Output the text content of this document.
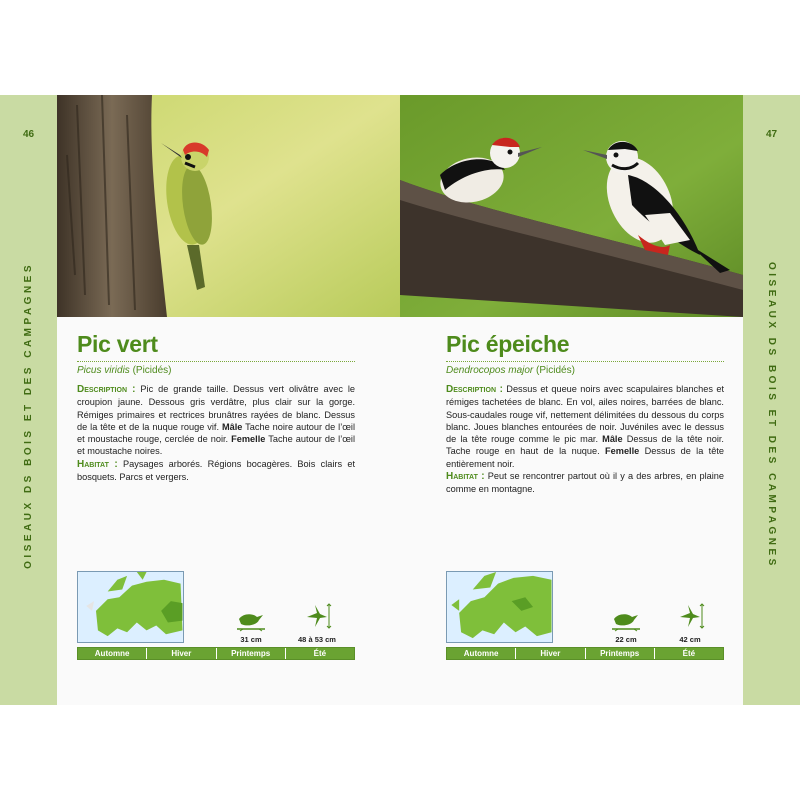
46
OISEAUX DS BOIS ET DES CAMPAGNES
47
OISEAUX DS BOIS ET DES CAMPAGNES
Pic vert
Picus viridis (Picidés)
Description : Pic de grande taille. Dessus vert olivâtre avec le croupion jaune. Dessous gris verdâtre, plus clair sur la gorge. Rémiges primaires et rectrices brunâtres rayées de blanc. Dessus de la tête et de la nuque rouge vif. Mâle Tache noire autour de l’œil et moustache rouge, cerclée de noir. Femelle Tache autour de l’œil et moustache noires.
Habitat : Paysages arborés. Régions bocagères. Bois clairs et bosquets. Parcs et vergers.
31 cm	48 à 53 cm
Automne	Hiver	Printemps	Été
Pic épeiche
Dendrocopos major (Picidés)
Description : Dessus et queue noirs avec scapulaires blanches et rémiges tachetées de blanc. En vol, ailes noires, barrées de blanc. Sous-caudales rouge vif, nettement délimitées du dessous du corps blanc. Joues blanches entourées de noir. Juvéniles avec le dessus de la tête rouge comme le pic mar. Mâle Dessus de la tête noir. Tache rouge en haut de la nuque. Femelle Dessus de la tête entièrement noir.
Habitat : Peut se rencontrer partout où il y a des arbres, en plaine comme en montagne.
22 cm	42 cm
Automne	Hiver	Printemps	Été
